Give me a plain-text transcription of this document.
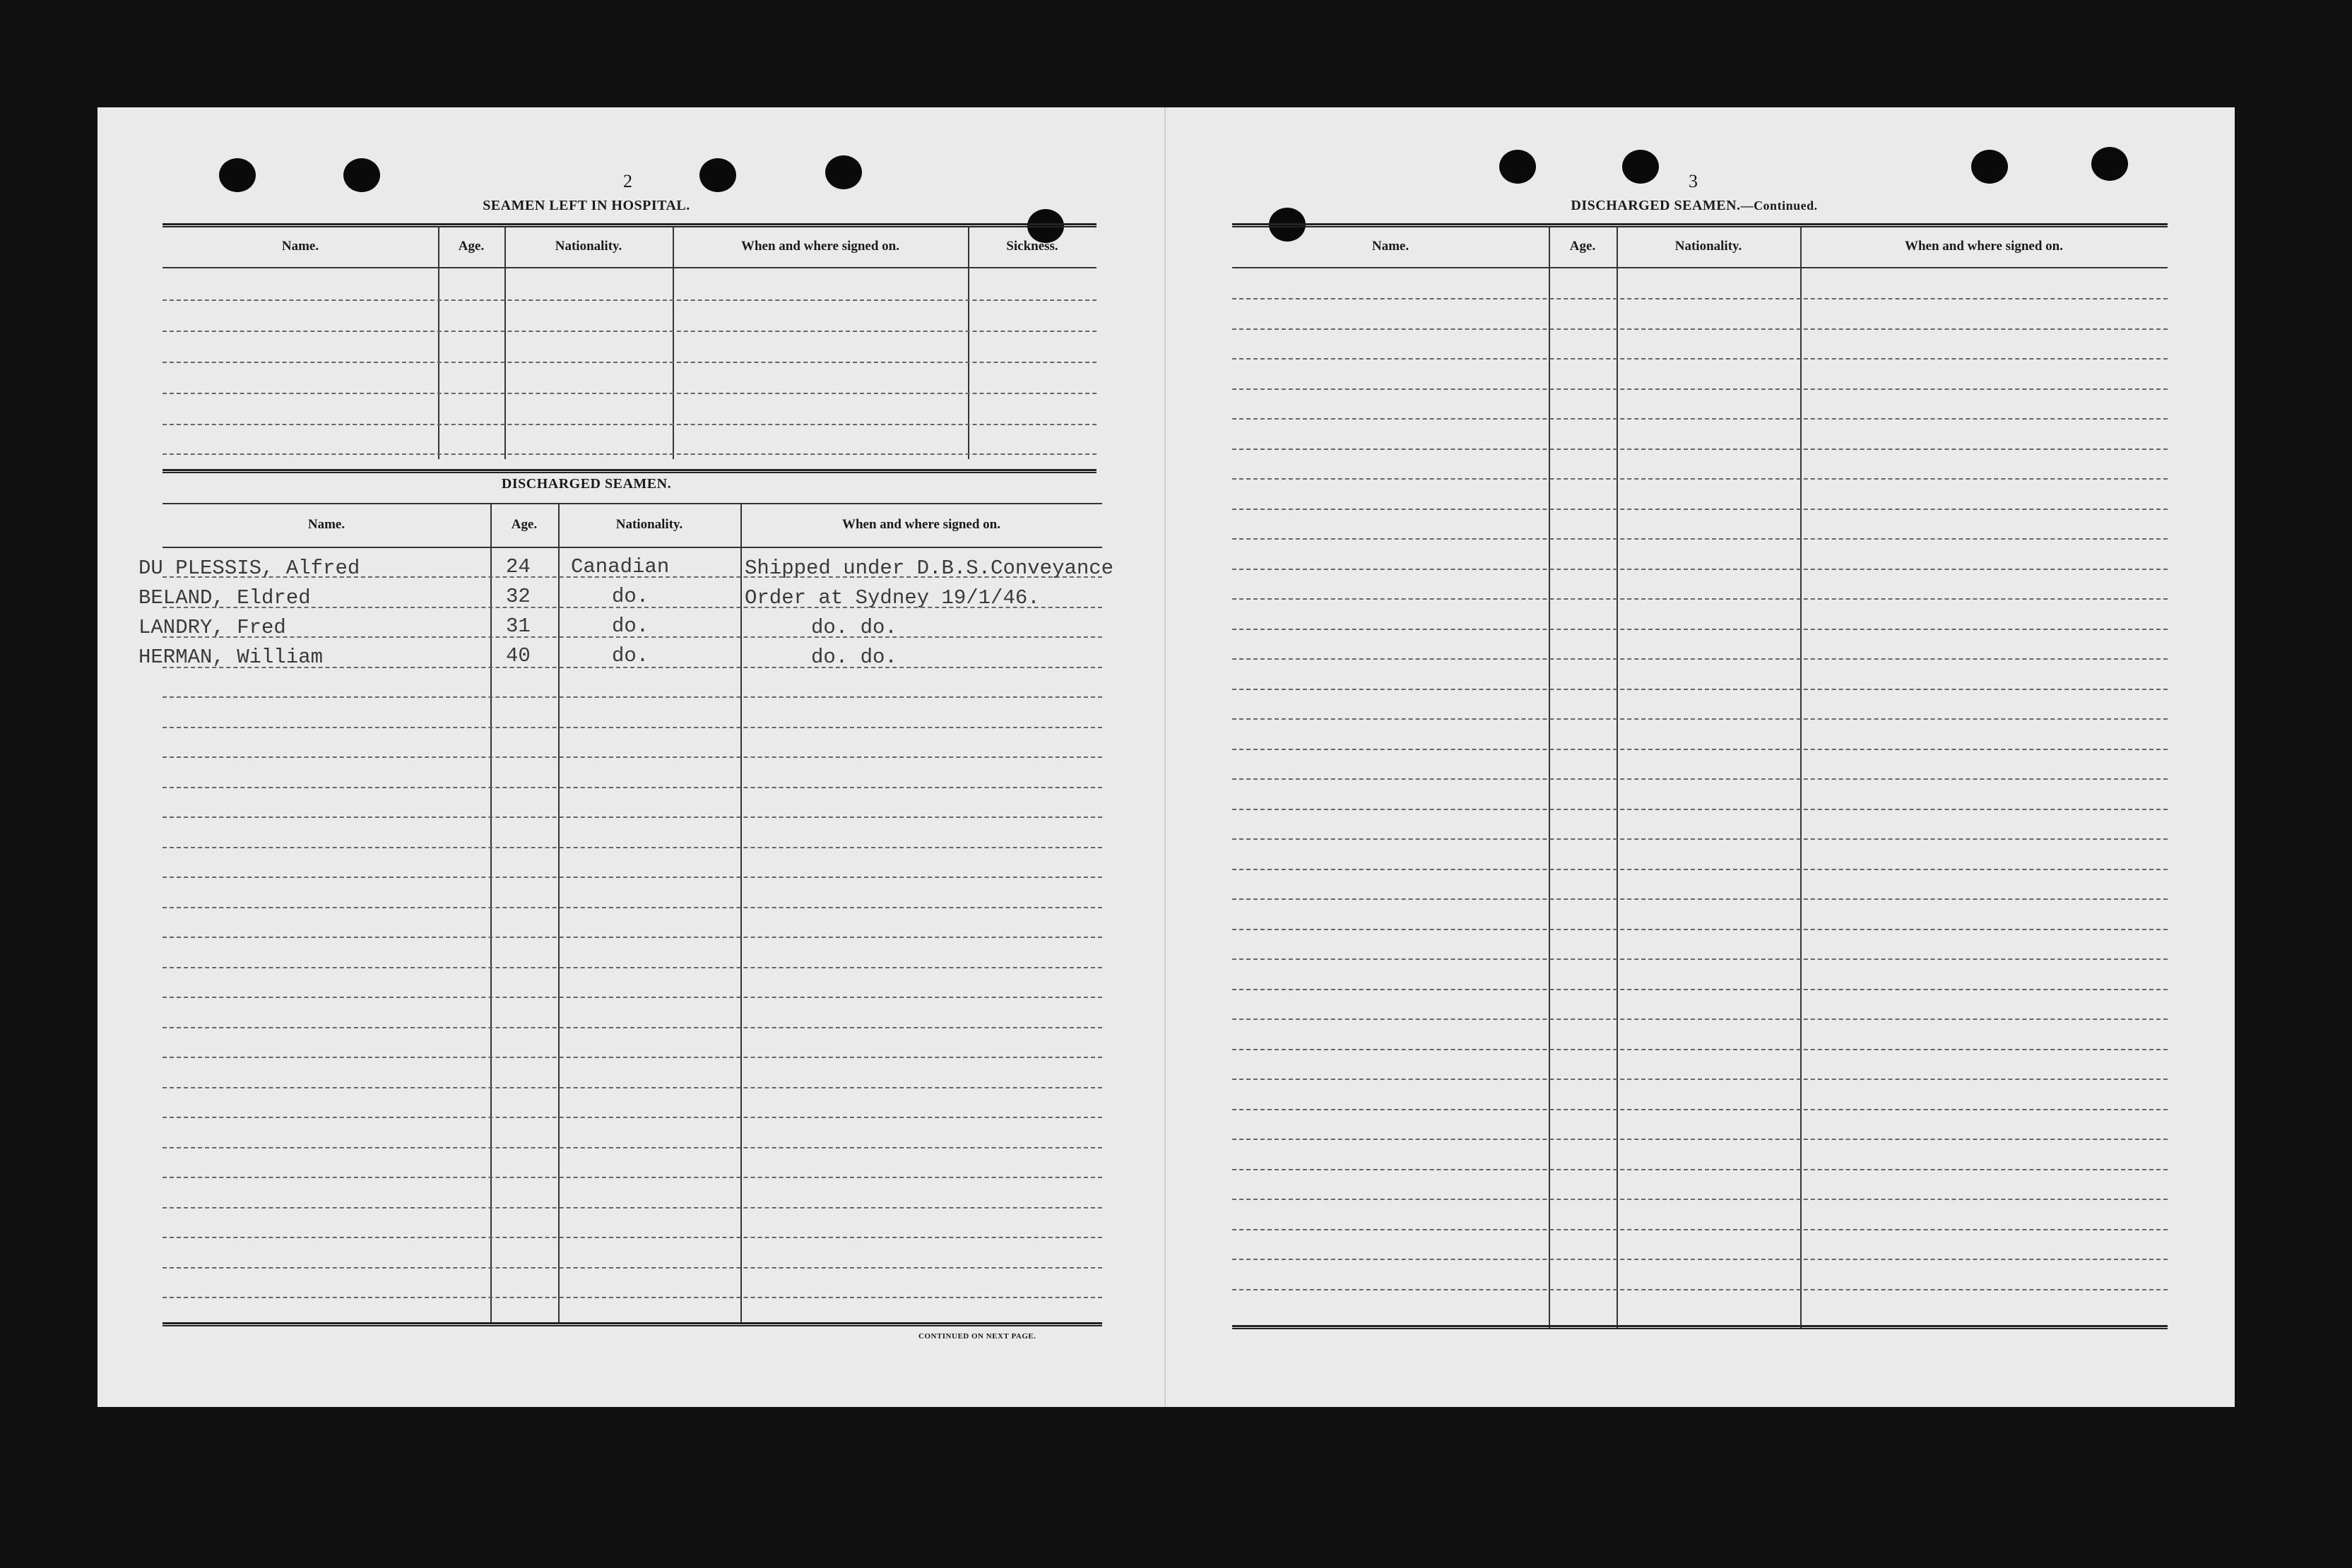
2
SEAMEN LEFT IN HOSPITAL.
Name.	Age.	Nationality.	When and where signed on.	Sickness.
DISCHARGED SEAMEN.
Name.	Age.	Nationality.	When and where signed on.
DU PLESSIS, Alfred	24 Canadian	Shipped under D.B.S.Conveyance
BELAND, Eldred	32	do.	Order at Sydney 19/1/46.
LANDRY, Fred	31	do.	do. do.
HERMAN, William	40	do.	do. do.
CONTINUED ON NEXT PAGE.
3
DISCHARGED SEAMEN.—Continued.
Name.	Age.	Nationality.	When and where signed on.
